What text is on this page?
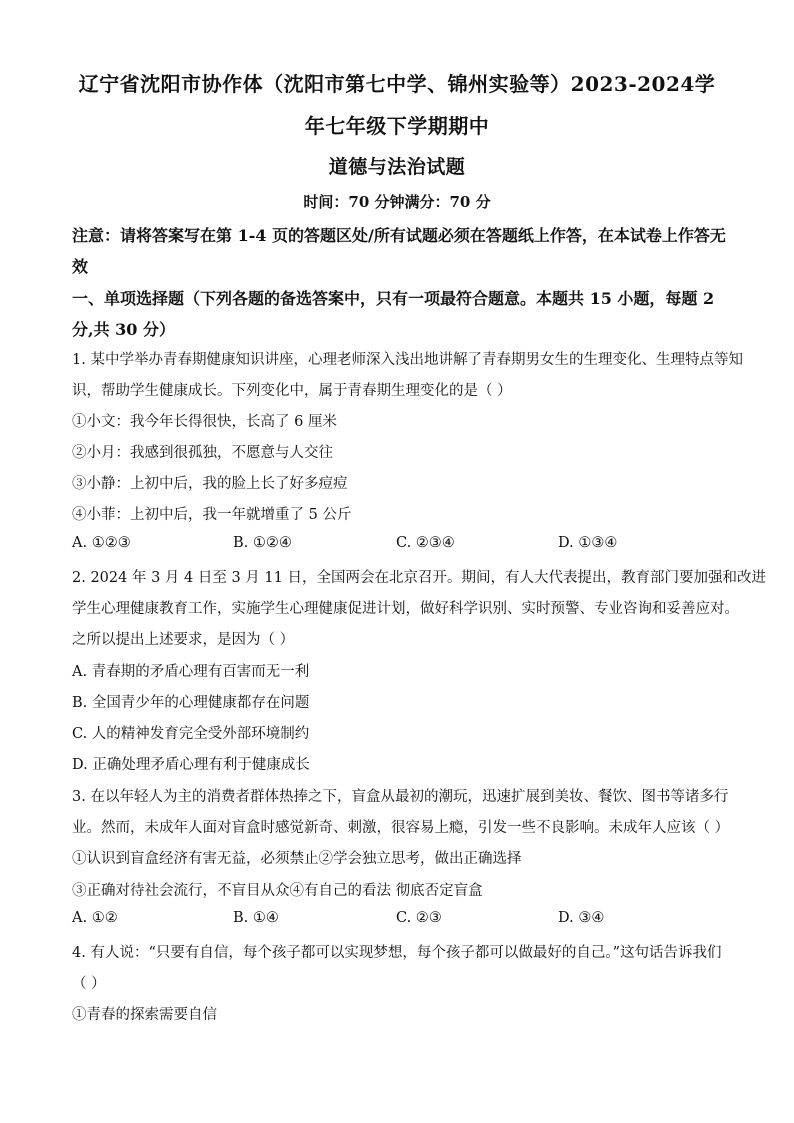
辽宁省沈阳市协作体（沈阳市第七中学、锦州实验等）2023-2024学
年七年级下学期期中
道德与法治试题
时间：70 分钟满分：70 分
注意：请将答案写在第 1-4 页的答题区处/所有试题必须在答题纸上作答，在本试卷上作答无
效
一、单项选择题（下列各题的备选答案中，只有一项最符合题意。本题共 15 小题，每题 2
分,共 30 分）
1. 某中学举办青春期健康知识讲座，心理老师深入浅出地讲解了青春期男女生的生理变化、生理特点等知
识，帮助学生健康成长。下列变化中，属于青春期生理变化的是（ ）
①小文：我今年长得很快，长高了 6 厘米
②小月：我感到很孤独，不愿意与人交往
③小静：上初中后，我的脸上长了好多痘痘
④小菲：上初中后，我一年就增重了 5 公斤
A. ①②③	B. ①②④	C. ②③④	D. ①③④
2. 2024 年 3 月 4 日至 3 月 11 日，全国两会在北京召开。期间，有人大代表提出，教育部门要加强和改进
学生心理健康教育工作，实施学生心理健康促进计划，做好科学识别、实时预警、专业咨询和妥善应对。
之所以提出上述要求，是因为（ ）
A. 青春期的矛盾心理有百害而无一利
B. 全国青少年的心理健康都存在问题
C. 人的精神发育完全受外部环境制约
D. 正确处理矛盾心理有利于健康成长
3. 在以年轻人为主的消费者群体热捧之下，盲盒从最初的潮玩，迅速扩展到美妆、餐饮、图书等诸多行
业。然而，未成年人面对盲盒时感觉新奇、刺激，很容易上瘾，引发一些不良影响。未成年人应该（ ）
①认识到盲盒经济有害无益，必须禁止②学会独立思考，做出正确选择
③正确对待社会流行，不盲目从众④有自己的看法 彻底否定盲盒
A. ①②	B. ①④	C. ②③	D. ③④
4. 有人说：“只要有自信，每个孩子都可以实现梦想，每个孩子都可以做最好的自己。”这句话告诉我们
（ ）
①青春的探索需要自信
